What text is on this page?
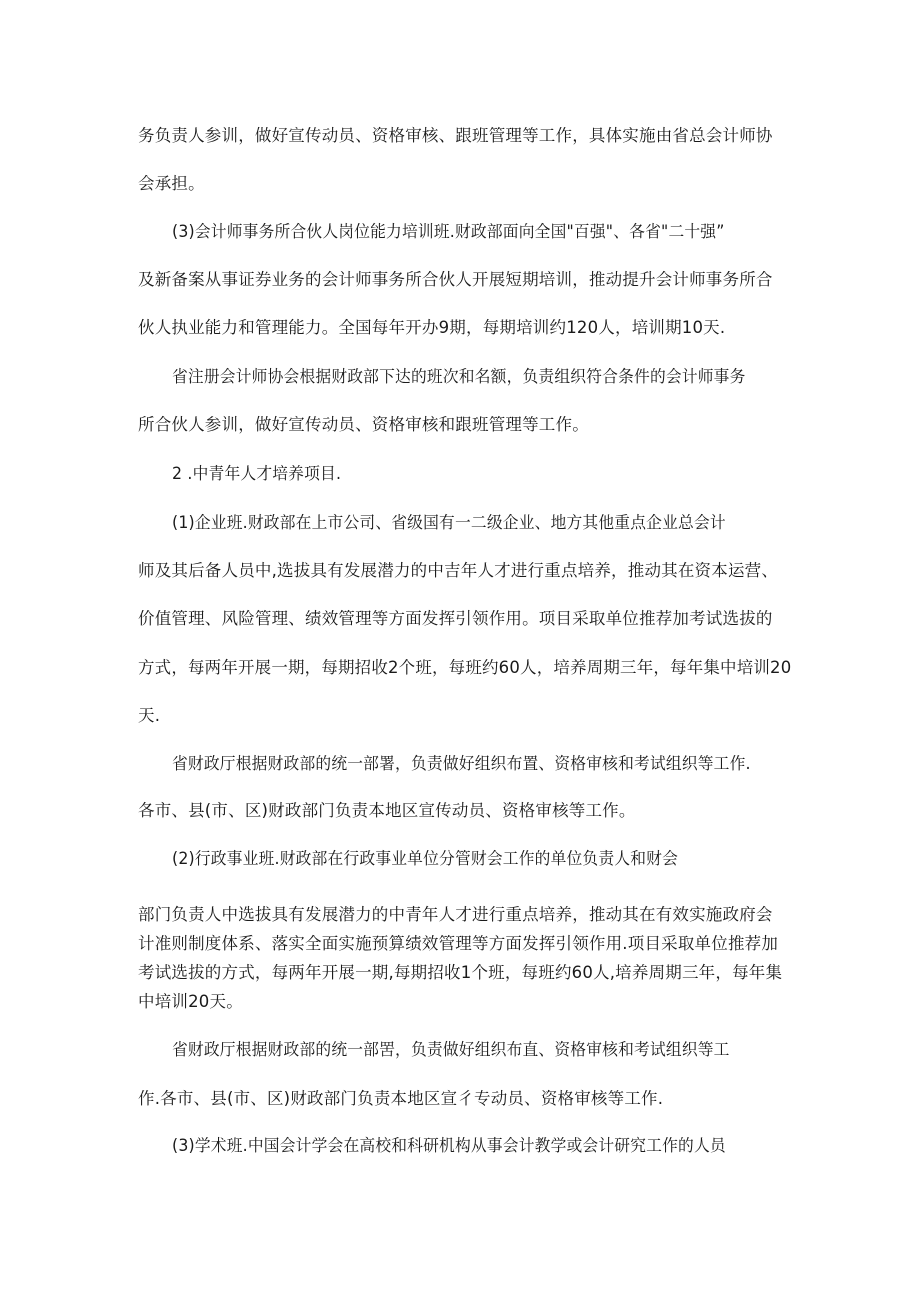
务负责人参训，做好宣传动员、资格审核、跟班管理等工作，具体实施由省总会计师协
会承担。
(3)会计师事务所合伙人岗位能力培训班.财政部面向全国"百强"、各省"二十强”
及新备案从事证券业务的会计师事务所合伙人开展短期培训，推动提升会计师事务所合
伙人执业能力和管理能力。全国每年开办9期，每期培训约120人，培训期10天.
省注册会计师协会根据财政部下达的班次和名额，负责组织符合条件的会计师事务
所合伙人参训，做好宣传动员、资格审核和跟班管理等工作。
2 .中青年人才培养项目.
(1)企业班.财政部在上市公司、省级国有一二级企业、地方其他重点企业总会计
师及其后备人员中,选拔具有发展潜力的中吉年人才进行重点培养，推动其在资本运营、
价值管理、风险管理、绩效管理等方面发挥引领作用。项目采取单位推荐加考试选拔的
方式，每两年开展一期，每期招收2个班，每班约60人，培养周期三年，每年集中培训20
天.
省财政厅根据财政部的统一部署，负责做好组织布置、资格审核和考试组织等工作.
各市、县(市、区)财政部门负责本地区宣传动员、资格审核等工作。
(2)行政事业班.财政部在行政事业单位分管财会工作的单位负责人和财会
部门负责人中选拔具有发展潜力的中青年人才进行重点培养，推动其在有效实施政府会
计准则制度体系、落实全面实施预算绩效管理等方面发挥引领作用.项目采取单位推荐加
考试选拔的方式，每两年开展一期,每期招收1个班，每班约60人,培养周期三年，每年集
中培训20天。
省财政厅根据财政部的统一部罟，负责做好组织布直、资格审核和考试组织等工
作.各市、县(市、区)财政部门负责本地区宣彳专动员、资格审核等工作.
(3)学术班.中国会计学会在高校和科研机构从事会计教学或会计研究工作的人员
